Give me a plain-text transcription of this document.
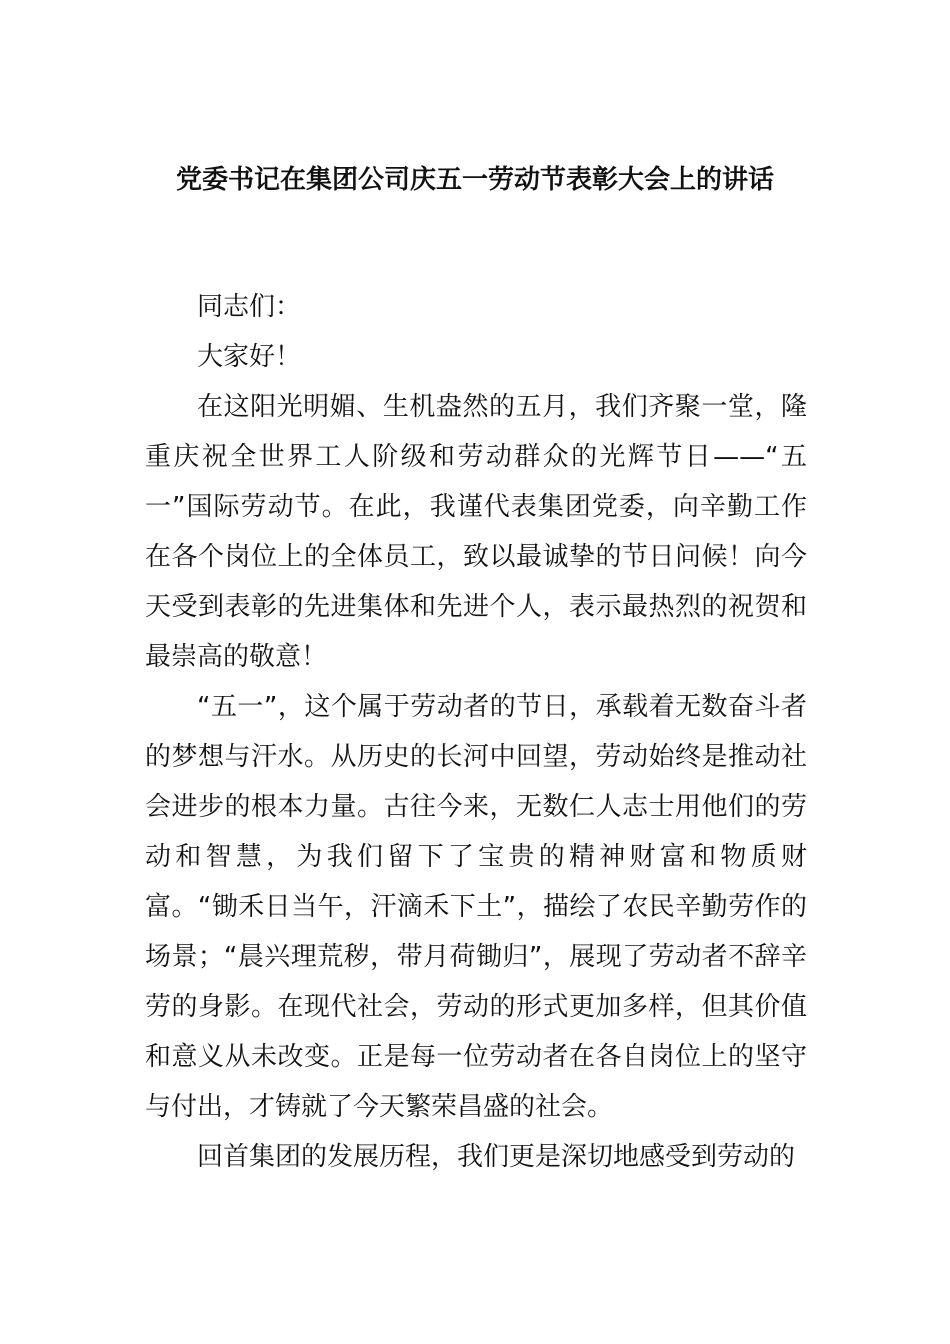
党委书记在集团公司庆五一劳动节表彰大会上的讲话

同志们：

大家好！

在这阳光明媚、生机盎然的五月，我们齐聚一堂，隆重庆祝全世界工人阶级和劳动群众的光辉节日——“五一”国际劳动节。在此，我谨代表集团党委，向辛勤工作在各个岗位上的全体员工，致以最诚挚的节日问候！向今天受到表彰的先进集体和先进个人，表示最热烈的祝贺和最崇高的敬意！

“五一”，这个属于劳动者的节日，承载着无数奋斗者的梦想与汗水。从历史的长河中回望，劳动始终是推动社会进步的根本力量。古往今来，无数仁人志士用他们的劳动和智慧，为我们留下了宝贵的精神财富和物质财富。“锄禾日当午，汗滴禾下土”，描绘了农民辛勤劳作的场景；“晨兴理荒秽，带月荷锄归”，展现了劳动者不辞辛劳的身影。在现代社会，劳动的形式更加多样，但其价值和意义从未改变。正是每一位劳动者在各自岗位上的坚守与付出，才铸就了今天繁荣昌盛的社会。

回首集团的发展历程，我们更是深切地感受到劳动的
